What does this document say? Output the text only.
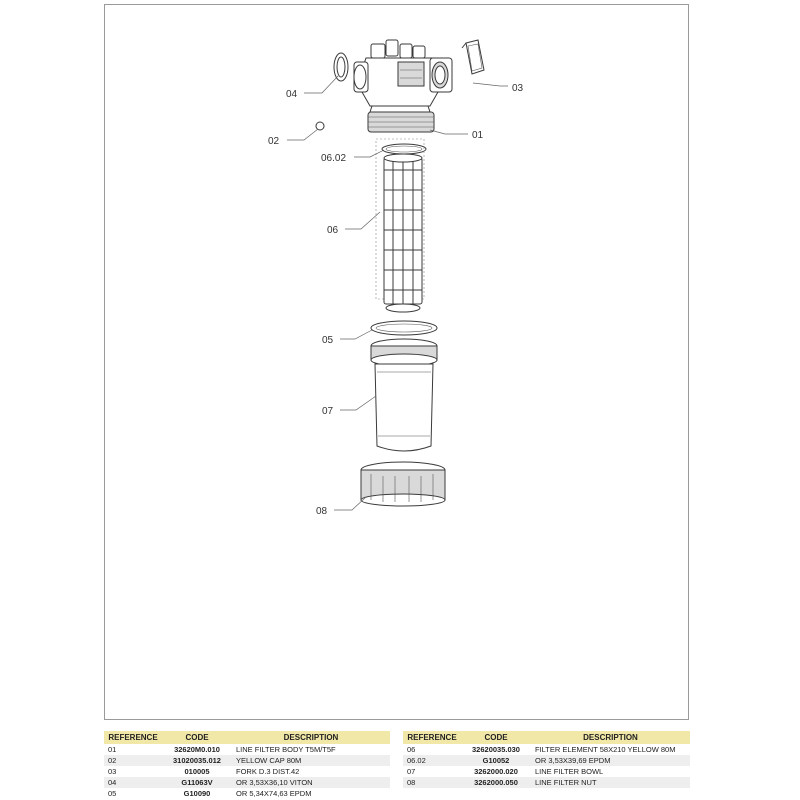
04
03
02
01
06.02
06
05
07
08
REFERENCE	CODE	DESCRIPTION
01	32620M0.010	LINE FILTER BODY T5M/T5F
02	31020035.012	YELLOW CAP 80M
03	010005	FORK D.3 DIST.42
04	G11063V	OR 3,53X36,10 VITON
05	G10090	OR 5,34X74,63 EPDM
REFERENCE	CODE	DESCRIPTION
06	32620035.030	FILTER ELEMENT 58X210 YELLOW 80M
06.02	G10052	OR 3,53X39,69 EPDM
07	3262000.020	LINE FILTER BOWL
08	3262000.050	LINE FILTER NUT
